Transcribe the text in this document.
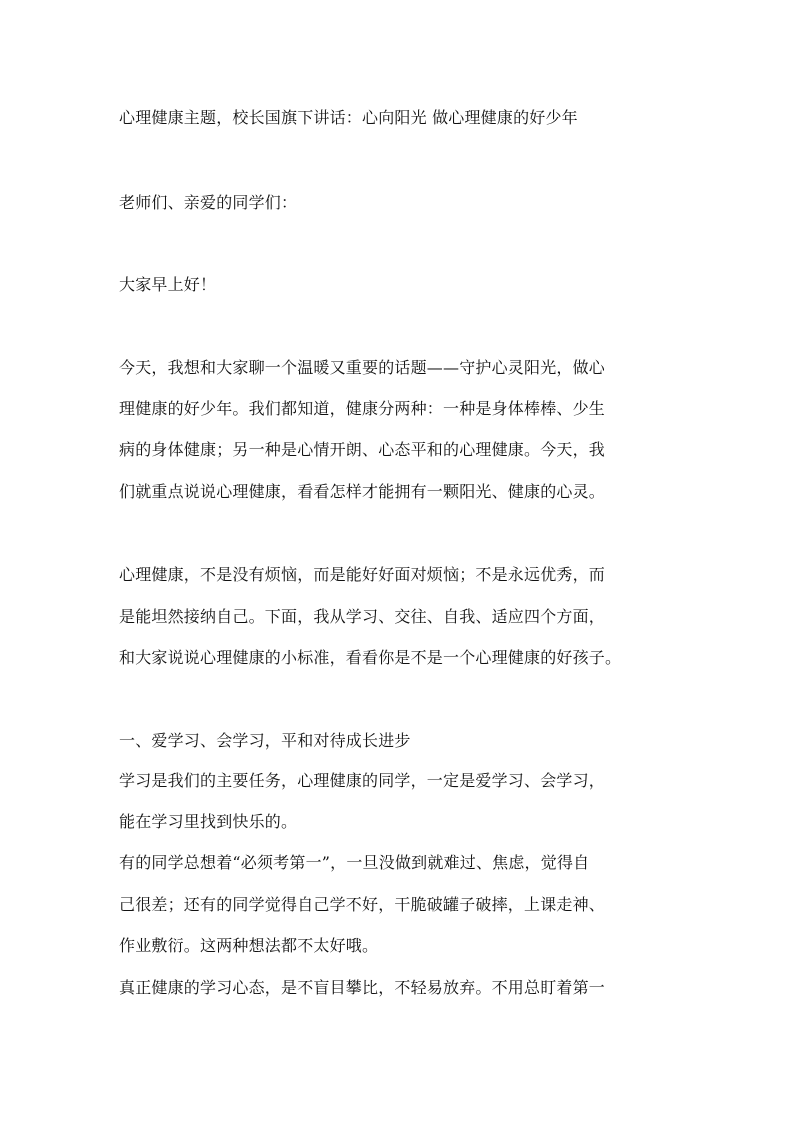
心理健康主题，校长国旗下讲话：心向阳光 做心理健康的好少年
老师们、亲爱的同学们：
大家早上好！
今天，我想和大家聊一个温暖又重要的话题——守护心灵阳光，做心
理健康的好少年。我们都知道，健康分两种：一种是身体棒棒、少生
病的身体健康；另一种是心情开朗、心态平和的心理健康。今天，我
们就重点说说心理健康，看看怎样才能拥有一颗阳光、健康的心灵。
心理健康，不是没有烦恼，而是能好好面对烦恼；不是永远优秀，而
是能坦然接纳自己。下面，我从学习、交往、自我、适应四个方面，
和大家说说心理健康的小标准，看看你是不是一个心理健康的好孩子。
一、爱学习、会学习，平和对待成长进步
学习是我们的主要任务，心理健康的同学，一定是爱学习、会学习，
能在学习里找到快乐的。
有的同学总想着“必须考第一”，一旦没做到就难过、焦虑，觉得自
己很差；还有的同学觉得自己学不好，干脆破罐子破摔，上课走神、
作业敷衍。这两种想法都不太好哦。
真正健康的学习心态，是不盲目攀比，不轻易放弃。不用总盯着第一
